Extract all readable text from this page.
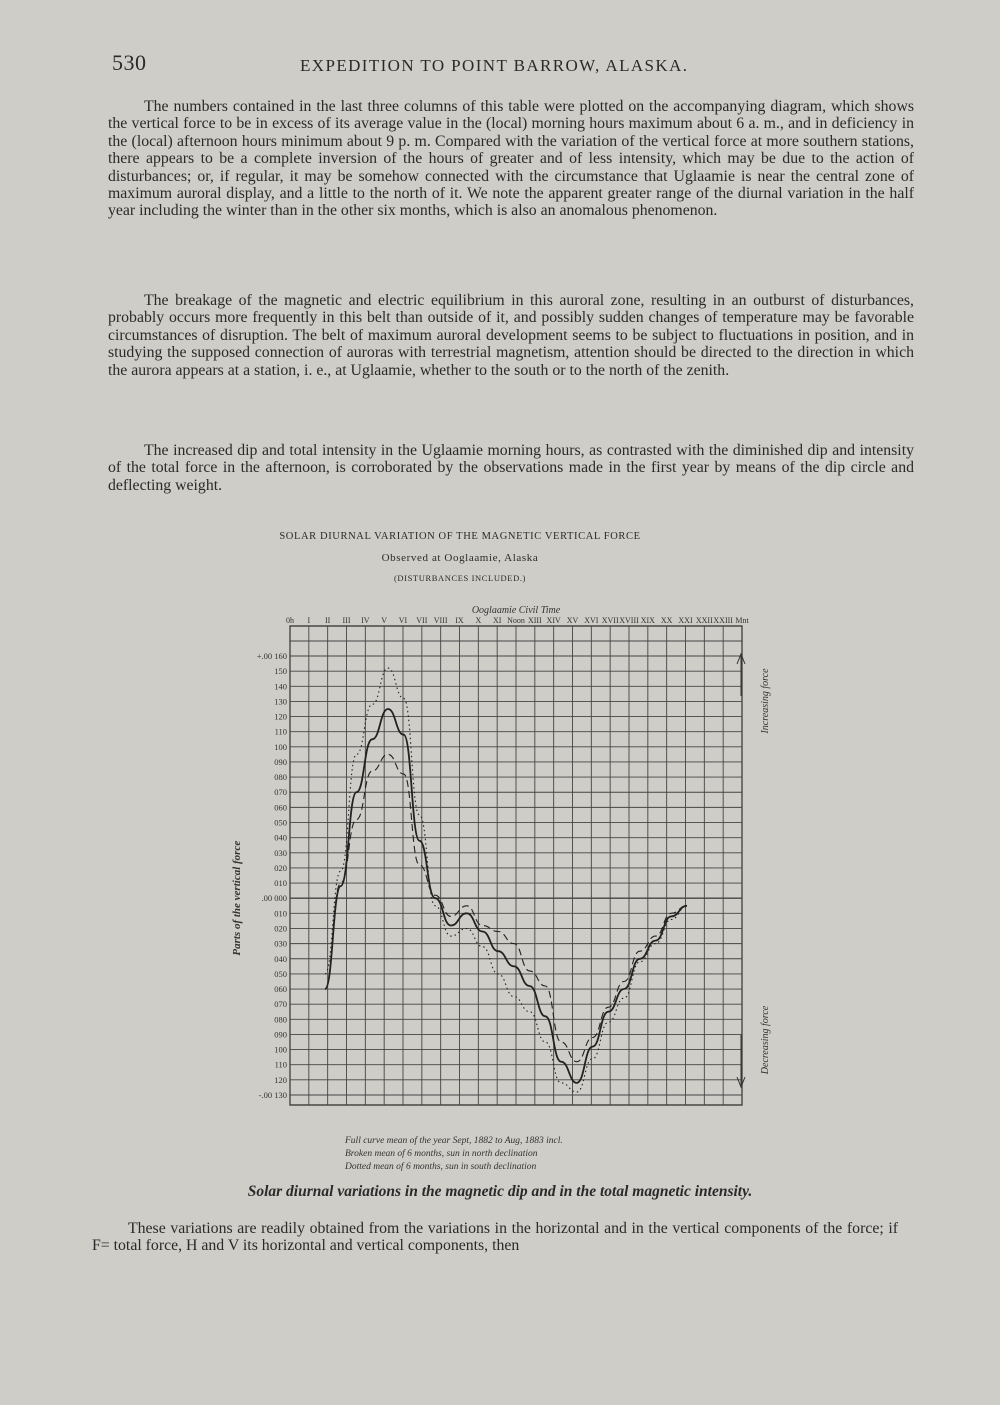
530	EXPEDITION TO POINT BARROW, ALASKA.
The numbers contained in the last three columns of this table were plotted on the accompanying diagram, which shows the vertical force to be in excess of its average value in the (local) morning hours maximum about 6 a. m., and in deficiency in the (local) afternoon hours minimum about 9 p. m. Compared with the variation of the vertical force at more southern stations, there appears to be a complete inversion of the hours of greater and of less intensity, which may be due to the action of disturbances; or, if regular, it may be somehow connected with the circumstance that Uglaamie is near the central zone of maximum auroral display, and a little to the north of it. We note the apparent greater range of the diurnal variation in the half year including the winter than in the other six months, which is also an anomalous phenomenon.
The breakage of the magnetic and electric equilibrium in this auroral zone, resulting in an outburst of disturbances, probably occurs more frequently in this belt than outside of it, and possibly sudden changes of temperature may be favorable circumstances of disruption. The belt of maximum auroral development seems to be subject to fluctuations in position, and in studying the supposed connection of auroras with terrestrial magnetism, attention should be directed to the direction in which the aurora appears at a station, i. e., at Uglaamie, whether to the south or to the north of the zenith.
The increased dip and total intensity in the Uglaamie morning hours, as contrasted with the diminished dip and intensity of the total force in the afternoon, is corroborated by the observations made in the first year by means of the dip circle and deflecting weight.
SOLAR DIURNAL VARIATION OF THE MAGNETIC VERTICAL FORCE
Observed at Ooglaamie, Alaska
(DISTURBANCES INCLUDED.)
0h I II III IV V VI VII VIII IX X XI Noon XIII XIV XV XVI XVII XVIII XIX XX XXI XXII XXIII Mnt
Ooglaamie Civil Time
+.00 160
150
140
130
120
110
100
090
080
070
060
050
040
030
020
010
.00 000
010
020
030
040
050
060
070
080
090
100
110
120
-.00 130
Parts of the vertical force
Increasing force
Decreasing force
Full curve mean of the year Sept, 1882 to Aug, 1883 incl.
Broken mean of 6 months, sun in north declination
Dotted mean of 6 months, sun in south declination
Solar diurnal variations in the magnetic dip and in the total magnetic intensity.
These variations are readily obtained from the variations in the horizontal and in the vertical components of the force; if F= total force, H and V its horizontal and vertical components, then
